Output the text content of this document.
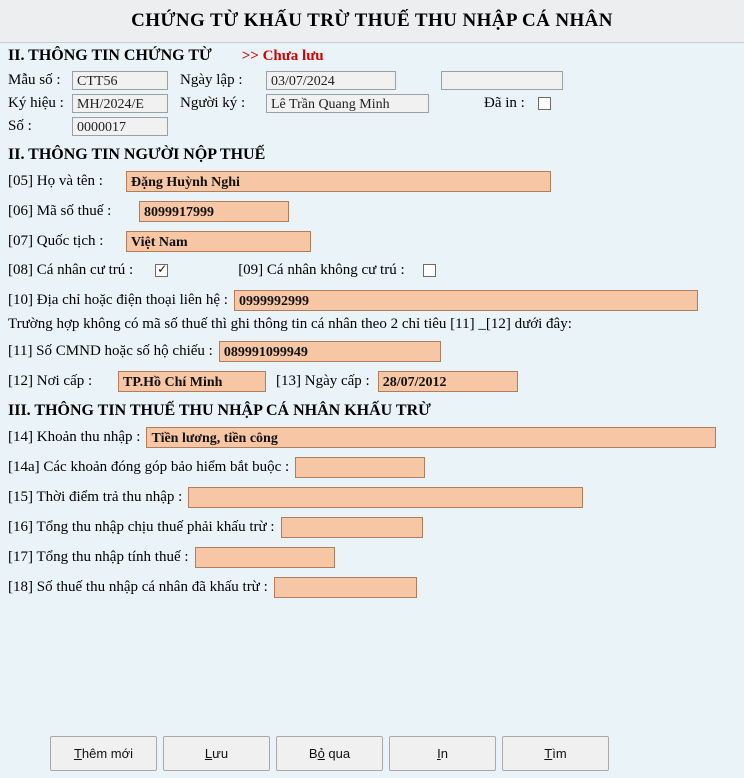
CHỨNG TỪ KHẤU TRỪ THUẾ THU NHẬP CÁ NHÂN
II. THÔNG TIN CHỨNG TỪ >> Chưa lưu
Mẫu số :	CTT56	Ngày lập :	03/07/2024
Ký hiệu : MH/2024/E	Người ký :	Lê Trần Quang Minh	Đã in :
Số :	0000017
II. THÔNG TIN NGƯỜI NỘP THUẾ
[05] Họ và tên :	Đặng Huỳnh Nghi
[06] Mã số thuế :	8099917999
[07] Quốc tịch :	Việt Nam
[08] Cá nhân cư trú : ✓	[09] Cá nhân không cư trú :
[10] Địa chỉ hoặc điện thoại liên hệ : 0999992999
Trường hợp không có mã số thuế thì ghi thông tin cá nhân theo 2 chỉ tiêu [11] _[12] dưới đây:
[11] Số CMND hoặc số hộ chiếu : 089991099949
[12] Nơi cấp :	TP.Hồ Chí Minh	[13] Ngày cấp : 28/07/2012
III. THÔNG TIN THUẾ THU NHẬP CÁ NHÂN KHẤU TRỪ
[14] Khoản thu nhập : Tiền lương, tiền công
[14a] Các khoản đóng góp bảo hiểm bắt buộc :
[15] Thời điểm trả thu nhập :
[16] Tổng thu nhập chịu thuế phải khấu trừ :
[17] Tổng thu nhập tính thuế :
[18] Số thuế thu nhập cá nhân đã khấu trừ :
Thêm mới	Lưu	Bỏ qua	In	Tìm
